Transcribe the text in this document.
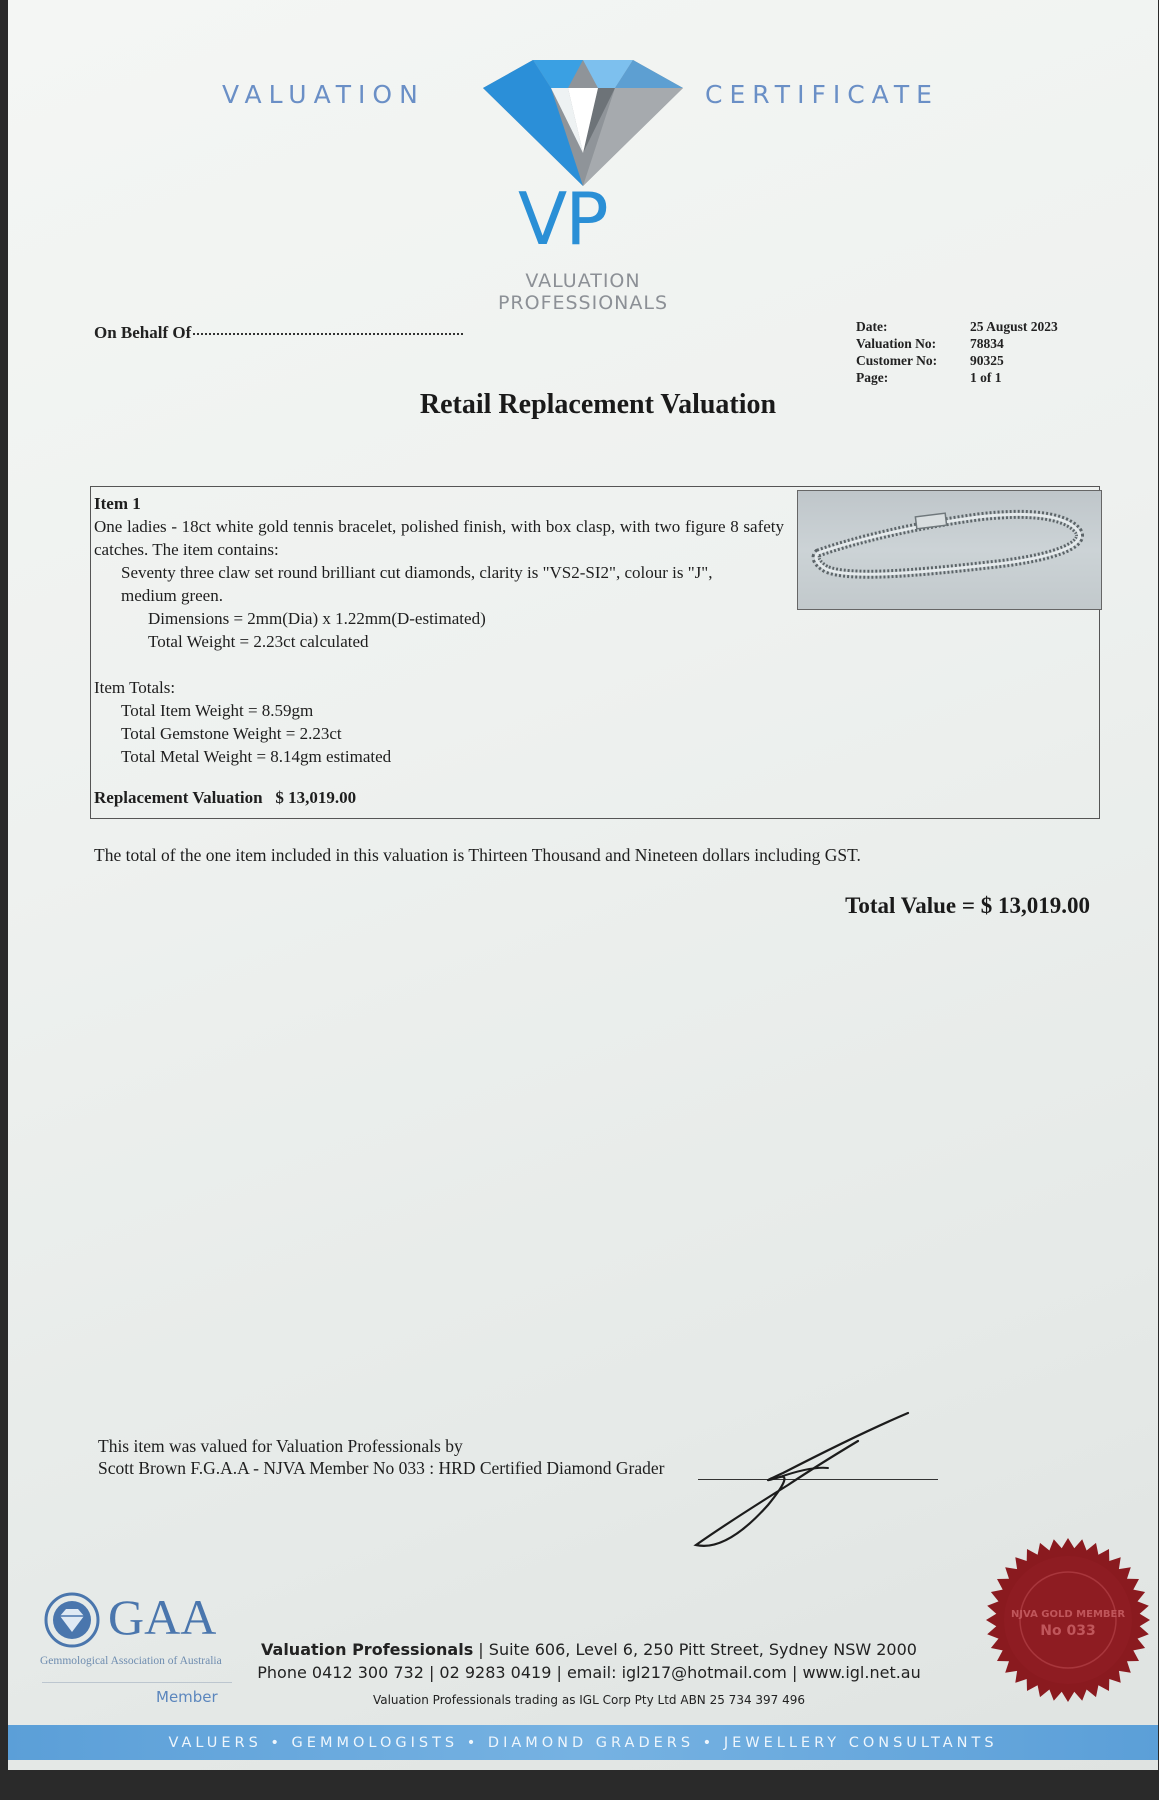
VALUATION	CERTIFICATE
VP
VALUATION
PROFESSIONALS
On Behalf Of	Date:	25 August 2023
Valuation No:	78834
Customer No:	90325
Page:	1 of 1
Retail Replacement Valuation

Item 1

One ladies - 18ct white gold tennis bracelet, polished finish, with box clasp, with two figure 8 safety catches. The item contains:

Seventy three claw set round brilliant cut diamonds, clarity is "VS2-SI2", colour is "J",

medium green.

Dimensions = 2mm(Dia) x 1.22mm(D-estimated)

Total Weight = 2.23ct calculated

Item Totals:

Total Item Weight = 8.59gm

Total Gemstone Weight = 2.23ct

Total Metal Weight = 8.14gm estimated

Replacement Valuation $ 13,019.00

The total of the one item included in this valuation is Thirteen Thousand and Nineteen dollars including GST.
Total Value = $ 13,019.00
This item was valued for Valuation Professionals by
Scott Brown F.G.A.A - NJVA Member No 033 : HRD Certified Diamond Grader
GAA
Gemmological Association of Australia
Member
Valuation Professionals | Suite 606, Level 6, 250 Pitt Street, Sydney NSW 2000
Phone 0412 300 732 | 02 9283 0419 | email: igl217@hotmail.com | www.igl.net.au
Valuation Professionals trading as IGL Corp Pty Ltd ABN 25 734 397 496
NJVA GOLD MEMBER
No 033
VALUERS • GEMMOLOGISTS • DIAMOND GRADERS • JEWELLERY CONSULTANTS
